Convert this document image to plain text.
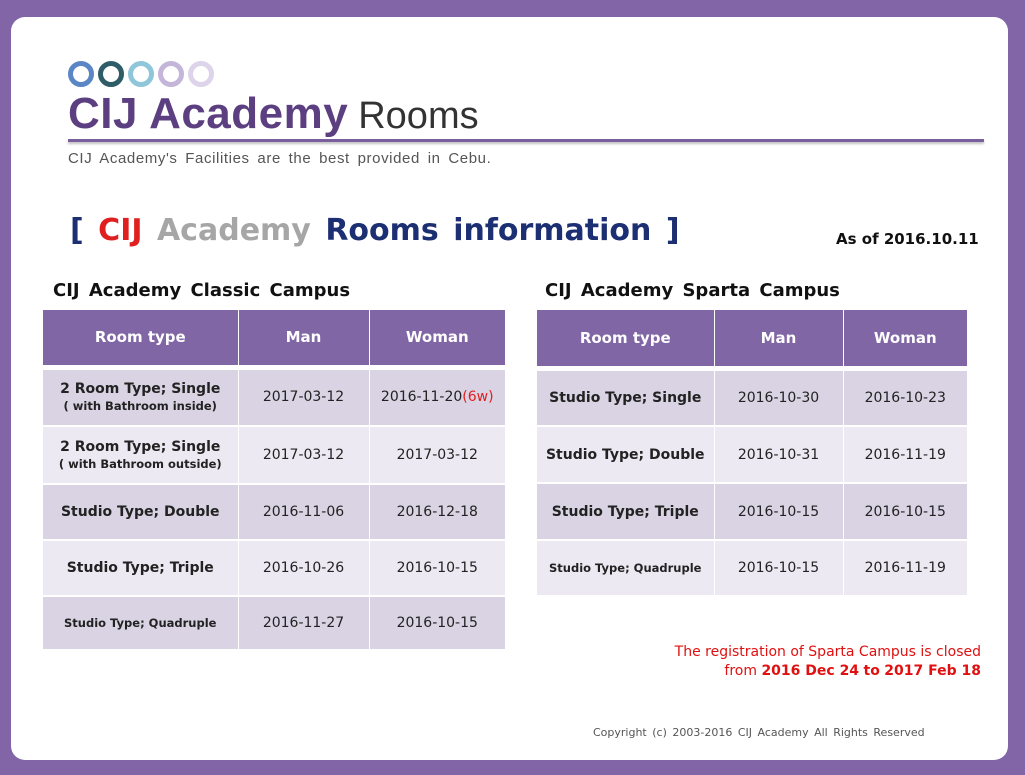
CIJ Academy Rooms
CIJ Academy's Facilities are the best provided in Cebu.
[ CIJ Academy Rooms information ]	As of 2016.10.11
CIJ Academy Classic Campus
Room type	Man	Woman

2 Room Type; Single
( with Bathroom inside)	2017-03-12	2016-11-20(6w)

2 Room Type; Single
( with Bathroom outside)	2017-03-12	2017-03-12
Studio Type; Double	2016-11-06	2016-12-18
Studio Type; Triple	2016-10-26	2016-10-15
Studio Type; Quadruple	2016-11-27	2016-10-15
CIJ Academy Sparta Campus
Room type	Man	Woman
Studio Type; Single	2016-10-30	2016-10-23
Studio Type; Double	2016-10-31	2016-11-19
Studio Type; Triple	2016-10-15	2016-10-15
Studio Type; Quadruple	2016-10-15	2016-11-19
The registration of Sparta Campus is closed
from 2016 Dec 24 to 2017 Feb 18
Copyright (c) 2003-2016 CIJ Academy All Rights Reserved
